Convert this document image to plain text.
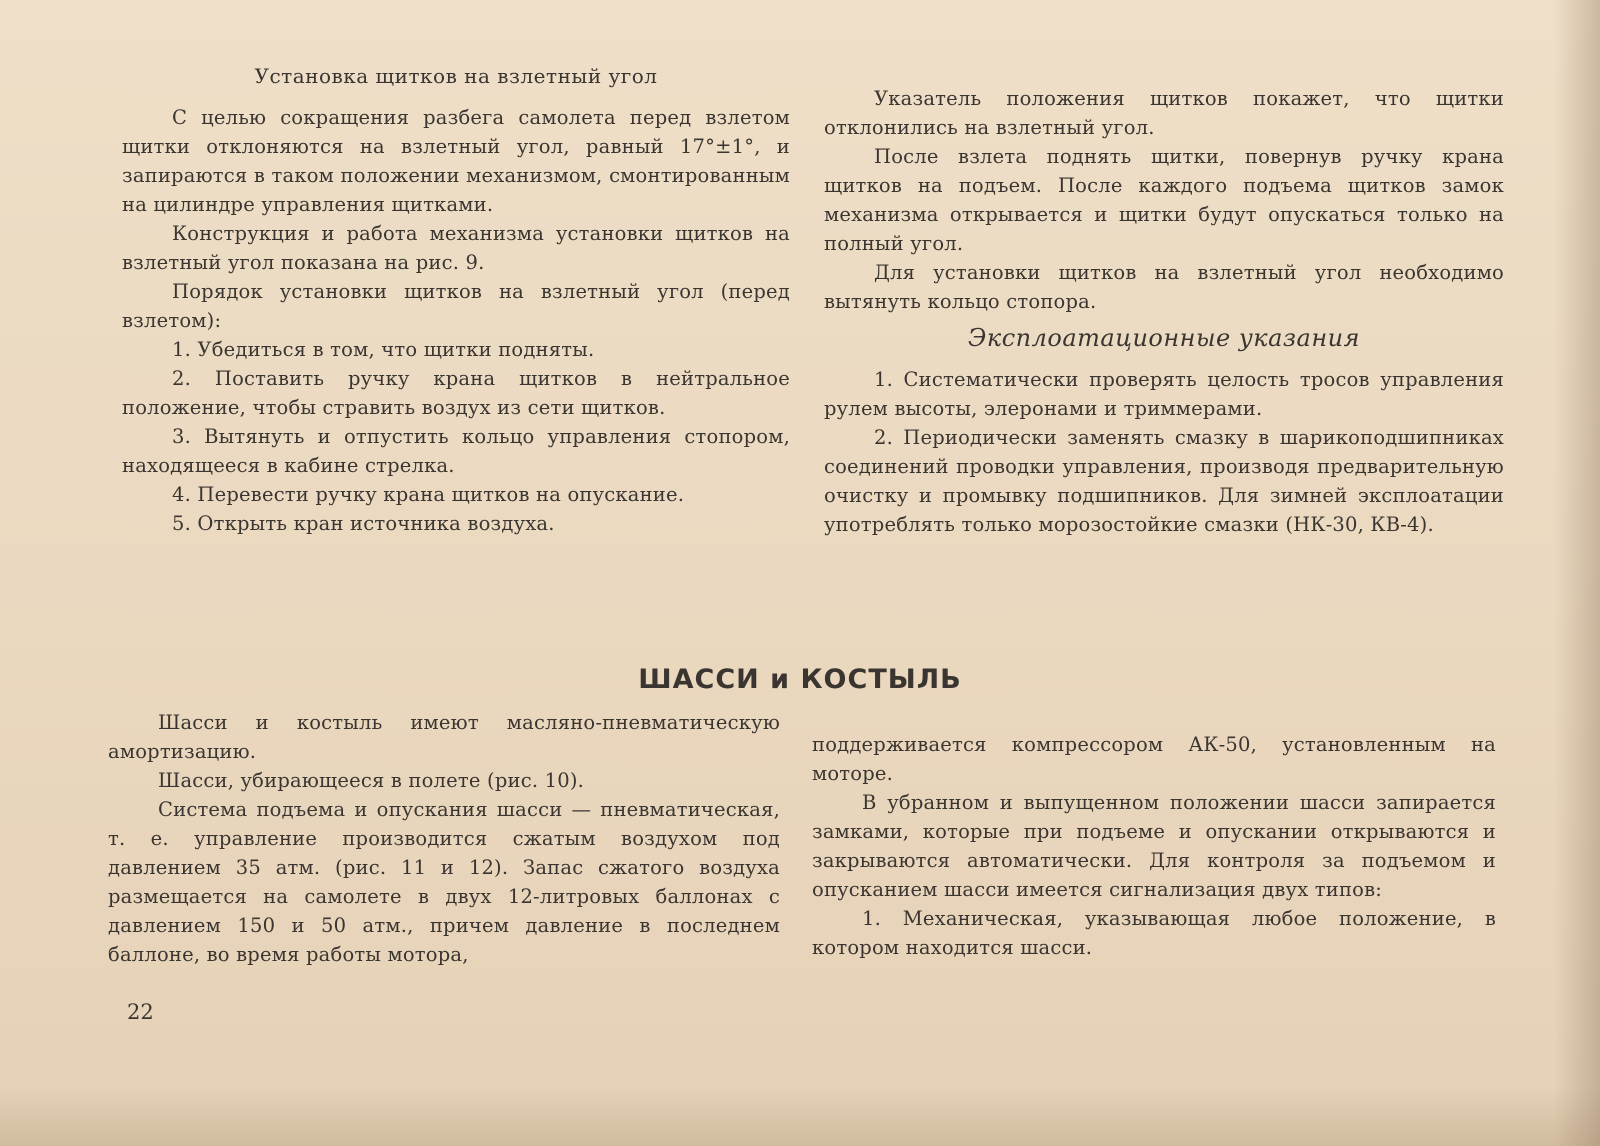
Установка щитков на взлетный угол

С целью сокращения разбега самолета перед взлетом щитки отклоняются на взлетный угол, равный 17°±1°, и запираются в таком положении механизмом, смонтированным на цилиндре управления щитками.

Конструкция и работа механизма установки щитков на взлетный угол показана на рис. 9.

Порядок установки щитков на взлетный угол (перед взлетом):

1. Убедиться в том, что щитки подняты.

2. Поставить ручку крана щитков в нейтральное положение, чтобы стравить воздух из сети щитков.

3. Вытянуть и отпустить кольцо управления стопором, находящееся в кабине стрелка.

4. Перевести ручку крана щитков на опускание.

5. Открыть кран источника воздуха.

Указатель положения щитков покажет, что щитки отклонились на взлетный угол.

После взлета поднять щитки, повернув ручку крана щитков на подъем. После каждого подъема щитков замок механизма открывается и щитки будут опускаться только на полный угол.

Для установки щитков на взлетный угол необходимо вытянуть кольцо стопора.

Эксплоатационные указания

1. Систематически проверять целость тросов управления рулем высоты, элеронами и триммерами.

2. Периодически заменять смазку в шарикоподшипниках соединений проводки управления, производя предварительную очистку и промывку подшипников. Для зимней эксплоатации употреблять только морозостойкие смазки (НК-30, КВ-4).

ШАССИ и КОСТЫЛЬ

Шасси и костыль имеют масляно-пневматическую амортизацию.

Шасси, убирающееся в полете (рис. 10).

Система подъема и опускания шасси — пневматическая, т. е. управление производится сжатым воздухом под давлением 35 атм. (рис. 11 и 12). Запас сжатого воздуха размещается на самолете в двух 12-литровых баллонах с давлением 150 и 50 атм., причем давление в последнем баллоне, во время работы мотора,

поддерживается компрессором АК-50, установленным на моторе.

В убранном и выпущенном положении шасси запирается замками, которые при подъеме и опускании открываются и закрываются автоматически. Для контроля за подъемом и опусканием шасси имеется сигнализация двух типов:

1. Механическая, указывающая любое положение, в котором находится шасси.

22
